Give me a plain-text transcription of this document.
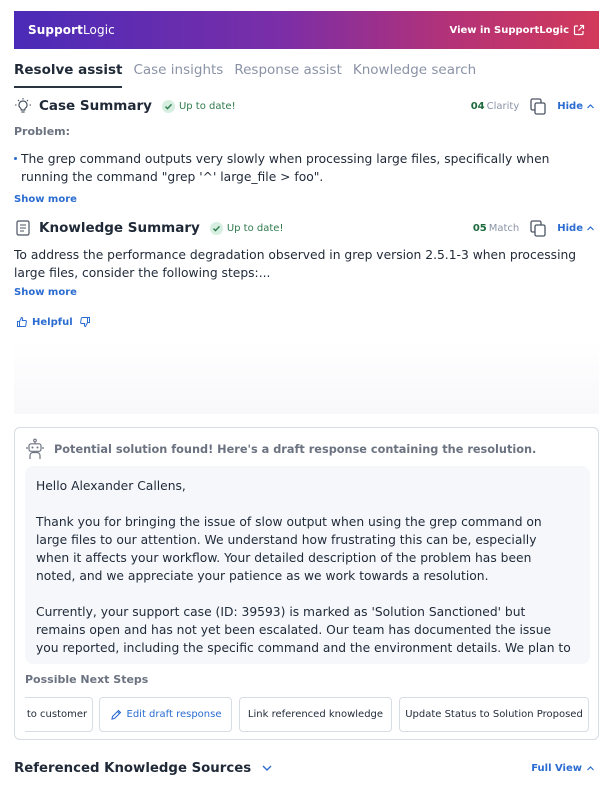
Support Logic	View in SupportLogic
Resolve assist Case insights Response assist Knowledge search
Case Summary	Up to date!	04 Clarity	Hide
Problem:
The grep command outputs very slowly when processing large files, specifically when running the command "grep '^' large_file > foo".
Show more
Knowledge Summary	Up to date!	05 Match	Hide
To address the performance degradation observed in grep version 2.5.1-3 when processing large files, consider the following steps:...
Show more
Helpful
Potential solution found! Here's a draft response containing the resolution.

Hello Alexander Callens,

Thank you for bringing the issue of slow output when using the grep command on large files to our attention. We understand how frustrating this can be, especially when it affects your workflow. Your detailed description of the problem has been noted, and we appreciate your patience as we work towards a resolution.

Currently, your support case (ID: 39593) is marked as 'Solution Sanctioned' but remains open and has not yet been escalated. Our team has documented the issue you reported, including the specific command and the environment details. We plan to

Possible Next Steps
to customer	Edit draft response	Link referenced knowledge Update Status to Solution Proposed
Referenced Knowledge Sources	Full View
